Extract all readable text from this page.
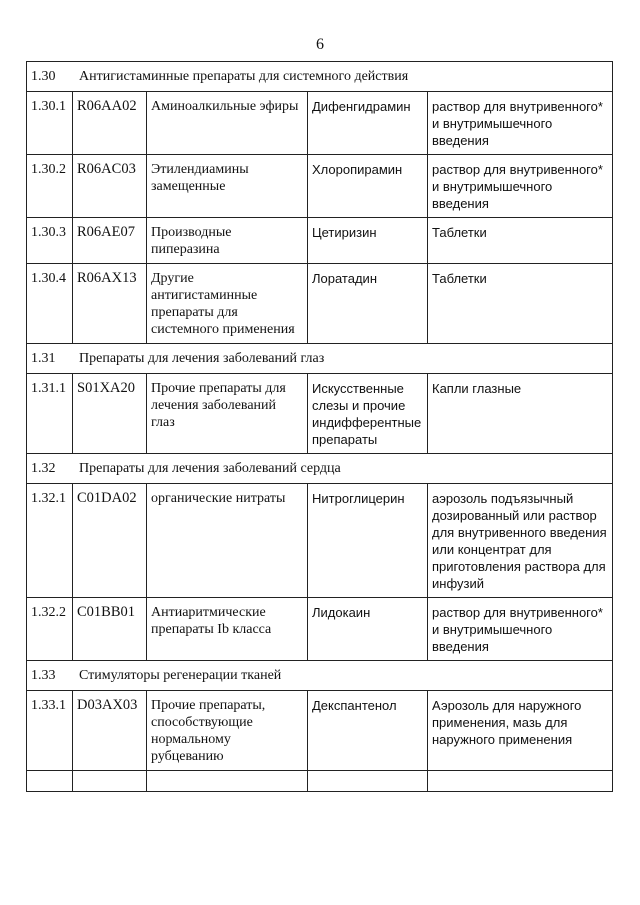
6
1.30 Антигистаминные препараты для системного действия				
1.30.1	R06AA02	Аминоалкильные эфиры	Дифенгидрамин	раствор для внутривенного* и внутримышечного введения
1.30.2	R06AC03	Этилендиамины замещенные	Хлоропирамин	раствор для внутривенного* и внутримышечного введения
1.30.3	R06AE07	Производные пиперазина	Цетиризин	Таблетки
1.30.4	R06AX13	Другие антигистаминные препараты для системного применения	Лоратадин	Таблетки
1.31 Препараты для лечения заболеваний глаз				
1.31.1	S01XA20	Прочие препараты для лечения заболеваний глаз	Искусственные слезы и прочие индифферентные препараты	Капли глазные
1.32 Препараты для лечения заболеваний сердца				
1.32.1	C01DA02	органические нитраты	Нитроглицерин	аэрозоль подъязычный дозированный или раствор для внутривенного введения или концентрат для приготовления раствора для инфузий
1.32.2	C01BB01	Антиаритмические препараты Ib класса	Лидокаин	раствор для внутривенного* и внутримышечного введения
1.33 Стимуляторы регенерации тканей				
1.33.1	D03AX03	Прочие препараты, способствующие нормальному рубцеванию	Декспантенол	Аэрозоль для наружного применения, мазь для наружного применения
